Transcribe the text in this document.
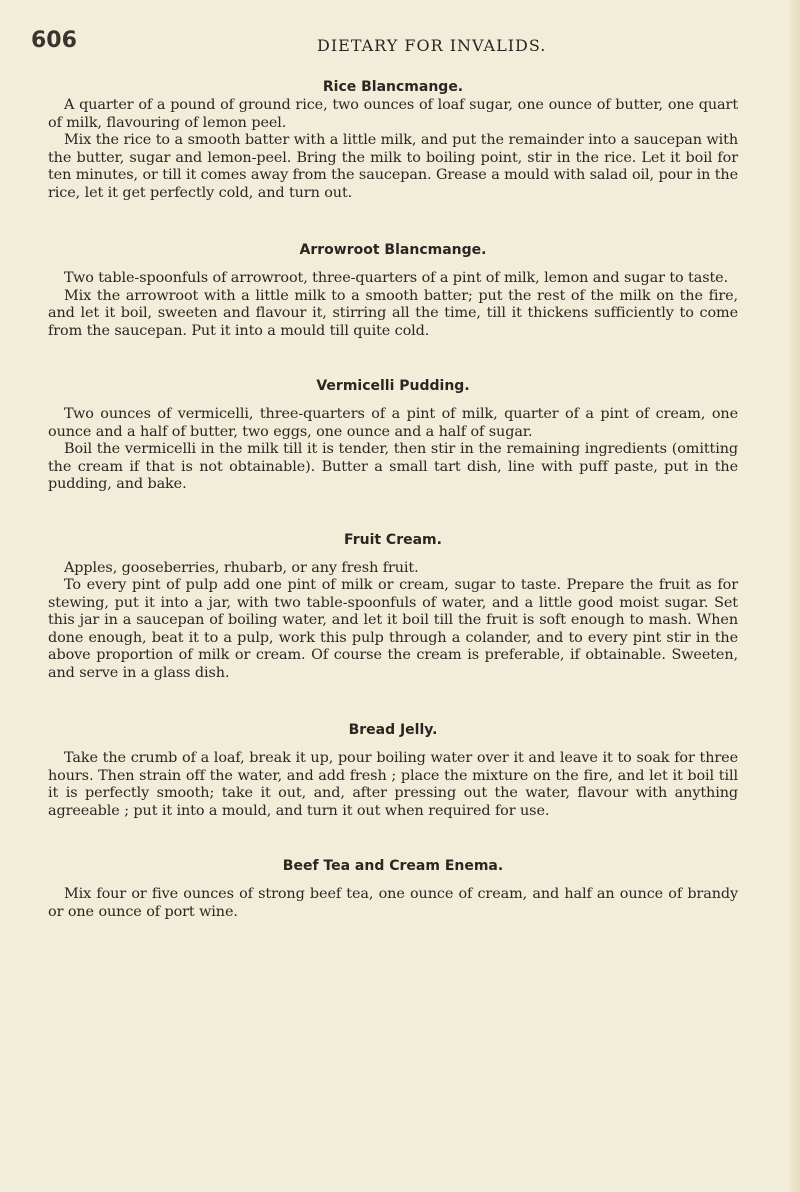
606	DIETARY FOR INVALIDS.
Rice Blancmange.

A quarter of a pound of ground rice, two ounces of loaf sugar, one ounce of butter, one quart of milk, flavouring of lemon peel.

Mix the rice to a smooth batter with a little milk, and put the remainder into a saucepan with the butter, sugar and lemon-peel. Bring the milk to boiling point, stir in the rice. Let it boil for ten minutes, or till it comes away from the saucepan. Grease a mould with salad oil, pour in the rice, let it get perfectly cold, and turn out.

Arrowroot Blancmange.

Two table-spoonfuls of arrowroot, three-quarters of a pint of milk, lemon and sugar to taste.

Mix the arrowroot with a little milk to a smooth batter; put the rest of the milk on the fire, and let it boil, sweeten and flavour it, stirring all the time, till it thickens sufficiently to come from the saucepan. Put it into a mould till quite cold.

Vermicelli Pudding.

Two ounces of vermicelli, three-quarters of a pint of milk, quarter of a pint of cream, one ounce and a half of butter, two eggs, one ounce and a half of sugar.

Boil the vermicelli in the milk till it is tender, then stir in the remaining ingredients (omitting the cream if that is not obtainable). Butter a small tart dish, line with puff paste, put in the pudding, and bake.

Fruit Cream.

Apples, gooseberries, rhubarb, or any fresh fruit.

To every pint of pulp add one pint of milk or cream, sugar to taste. Prepare the fruit as for stewing, put it into a jar, with two table-spoonfuls of water, and a little good moist sugar. Set this jar in a saucepan of boiling water, and let it boil till the fruit is soft enough to mash. When done enough, beat it to a pulp, work this pulp through a colander, and to every pint stir in the above proportion of milk or cream. Of course the cream is preferable, if obtainable. Sweeten, and serve in a glass dish.

Bread Jelly.

Take the crumb of a loaf, break it up, pour boiling water over it and leave it to soak for three hours. Then strain off the water, and add fresh ; place the mixture on the fire, and let it boil till it is perfectly smooth; take it out, and, after pressing out the water, flavour with anything agreeable ; put it into a mould, and turn it out when required for use.

Beef Tea and Cream Enema.

Mix four or five ounces of strong beef tea, one ounce of cream, and half an ounce of brandy or one ounce of port wine.
